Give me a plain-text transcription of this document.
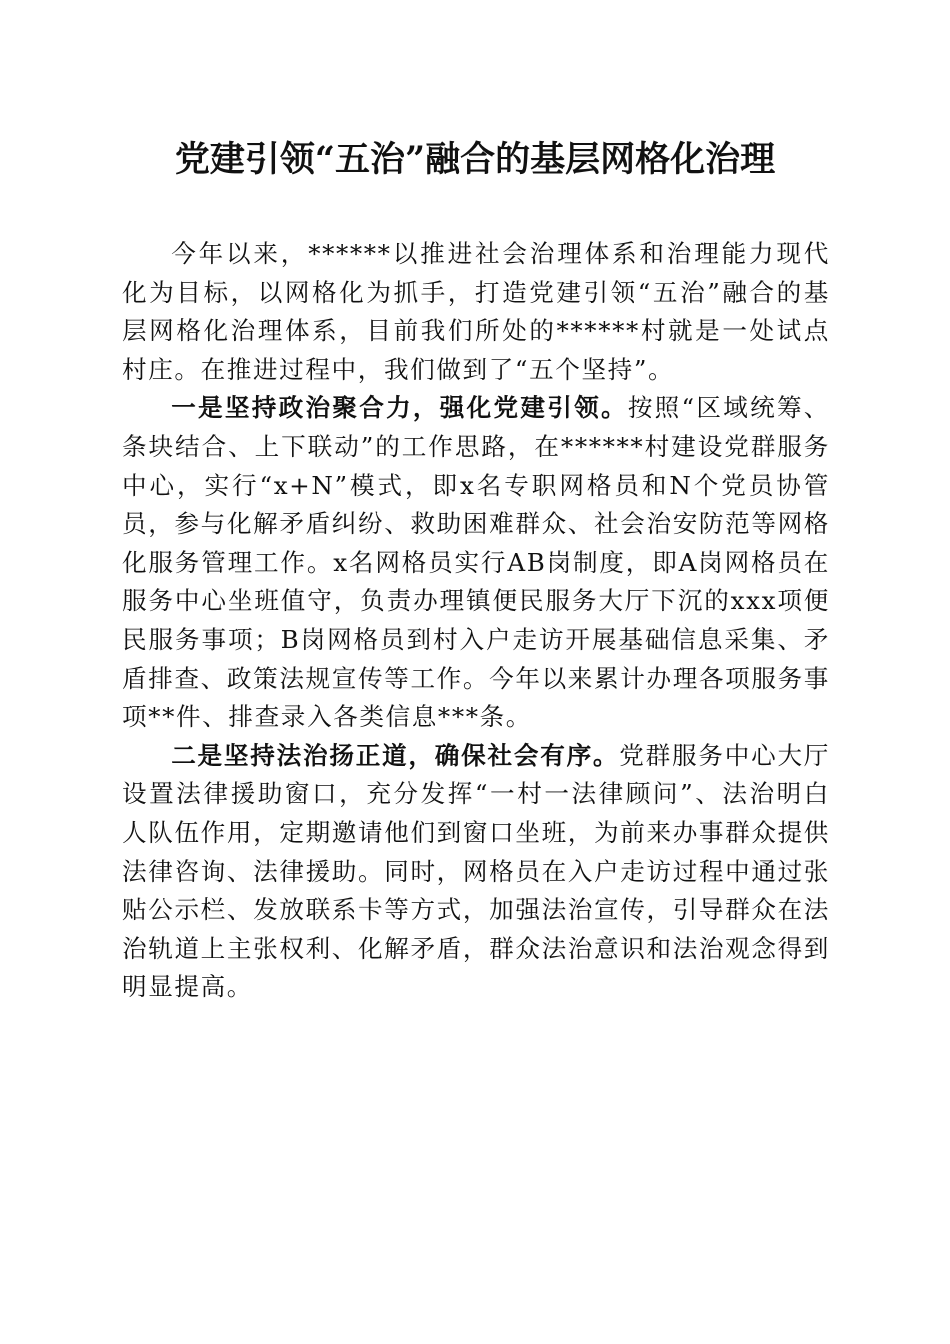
党建引领“五治”融合的基层网格化治理

今年以来，******以推进社会治理体系和治理能力现代化为目标，以网格化为抓手，打造党建引领“五治”融合的基层网格化治理体系，目前我们所处的******村就是一处试点村庄。在推进过程中，我们做到了“五个坚持”。

一是坚持政治聚合力，强化党建引领。按照“区域统筹、条块结合、上下联动”的工作思路，在******村建设党群服务中心，实行“x+N”模式，即x名专职网格员和N个党员协管员，参与化解矛盾纠纷、救助困难群众、社会治安防范等网格化服务管理工作。x名网格员实行AB岗制度，即A岗网格员在服务中心坐班值守，负责办理镇便民服务大厅下沉的xxx项便民服务事项；B岗网格员到村入户走访开展基础信息采集、矛盾排查、政策法规宣传等工作。今年以来累计办理各项服务事项**件、排查录入各类信息***条。

二是坚持法治扬正道，确保社会有序。党群服务中心大厅设置法律援助窗口，充分发挥“一村一法律顾问”、法治明白人队伍作用，定期邀请他们到窗口坐班，为前来办事群众提供法律咨询、法律援助。同时，网格员在入户走访过程中通过张贴公示栏、发放联系卡等方式，加强法治宣传，引导群众在法治轨道上主张权利、化解矛盾，群众法治意识和法治观念得到明显提高。
